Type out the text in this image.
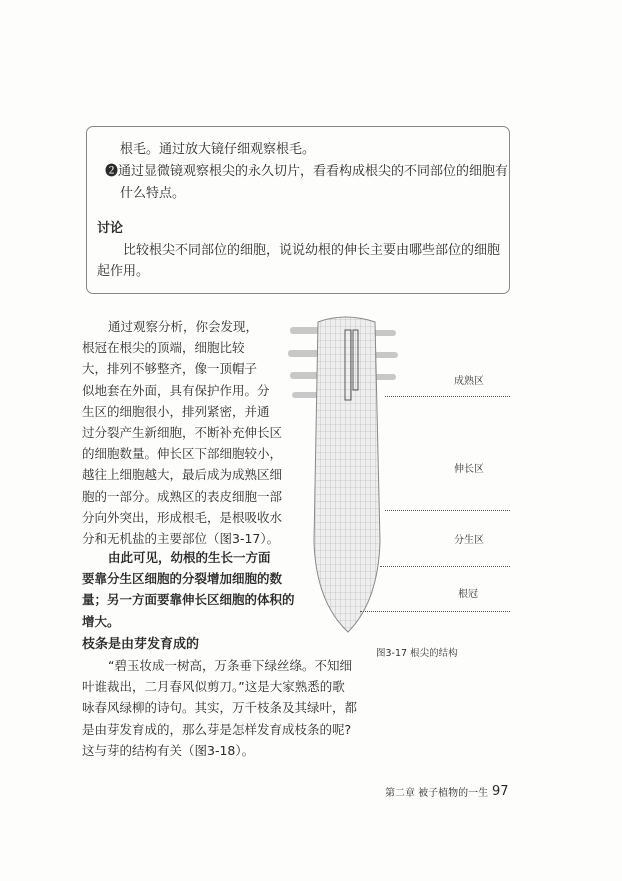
根毛。通过放大镜仔细观察根毛。
❷通过显微镜观察根尖的永久切片，看看构成根尖的不同部位的细胞有
什么特点。
讨论
比较根尖不同部位的细胞，说说幼根的伸长主要由哪些部位的细胞
起作用。
通过观察分析，你会发现，
根冠在根尖的顶端，细胞比较
大，排列不够整齐，像一顶帽子
似地套在外面，具有保护作用。分
生区的细胞很小，排列紧密，并通
过分裂产生新细胞，不断补充伸长区
的细胞数量。伸长区下部细胞较小，
越往上细胞越大，最后成为成熟区细
胞的一部分。成熟区的表皮细胞一部
分向外突出，形成根毛，是根吸收水
分和无机盐的主要部位（图3-17）。
由此可见，幼根的生长一方面
要靠分生区细胞的分裂增加细胞的数
量；另一方面要靠伸长区细胞的体积的
增大。
枝条是由芽发育成的
“碧玉妆成一树高，万条垂下绿丝绦。不知细
叶谁裁出，二月春风似剪刀。”这是大家熟悉的歌
咏春风绿柳的诗句。其实，万千枝条及其绿叶，都
是由芽发育成的，那么芽是怎样发育成枝条的呢?
这与芽的结构有关（图3-18）。
成熟区
伸长区
分生区
根冠
图3-17 根尖的结构
第二章 被子植物的一生 97
